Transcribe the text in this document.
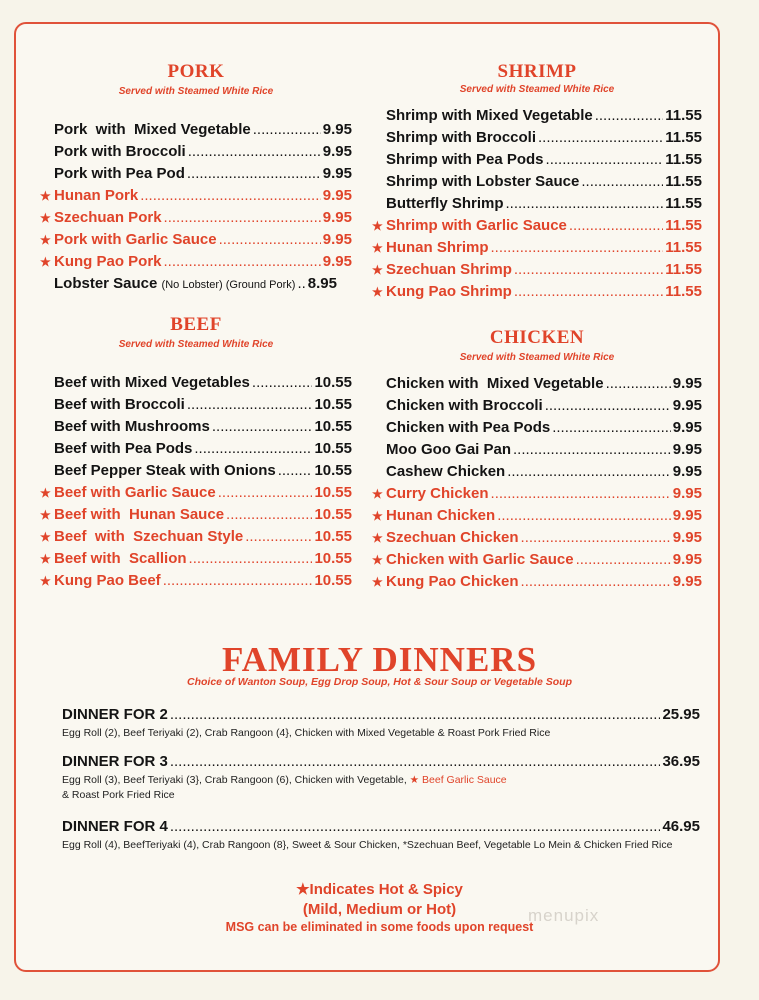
PORK
Served with Steamed White Rice
Pork  with  Mixed Vegetable .....	9.95
Pork with Broccoli .....	9.95
Pork with Pea Pod .....	9.95
★ Hunan Pork .....	9.95
★ Szechuan Pork .....	9.95
★ Pork with Garlic Sauce .....	9.95
★ Kung Pao Pork .....	9.95
Lobster Sauce
(No Lobster) (Ground Pork) .. 8.95
BEEF
Served with Steamed White Rice
Beef with Mixed Vegetables .....	10.55
Beef with Broccoli .....	10.55
Beef with Mushrooms .....	10.55
Beef with Pea Pods .....	10.55
Beef Pepper Steak with Onions .....	10.55
★ Beef with Garlic Sauce .....	10.55
★ Beef with  Hunan Sauce .....	10.55
★ Beef  with  Szechuan Style .....	10.55
★ Beef with  Scallion .....	10.55
★ Kung Pao Beef .....	10.55
SHRIMP
Served with Steamed White Rice
Shrimp with Mixed Vegetable .....	11.55
Shrimp with Broccoli .....	11.55
Shrimp with Pea Pods .....	11.55
Shrimp with Lobster Sauce .....	11.55
Butterfly Shrimp .....	11.55
★ Shrimp with Garlic Sauce .....	11.55
★ Hunan Shrimp .....	11.55
★ Szechuan Shrimp .....	11.55
★ Kung Pao Shrimp .....	11.55
CHICKEN
Served with Steamed White Rice
Chicken with  Mixed Vegetable .....	9.95
Chicken with Broccoli .....	9.95
Chicken with Pea Pods .....	9.95
Moo Goo Gai Pan .....	9.95
Cashew Chicken .....	9.95
★ Curry Chicken .....	9.95
★ Hunan Chicken .....	9.95
★ Szechuan Chicken .....	9.95
★ Chicken with Garlic Sauce .....	9.95
★ Kung Pao Chicken .....	9.95
FAMILY DINNERS
Choice of Wanton Soup, Egg Drop Soup, Hot & Sour Soup or Vegetable Soup
DINNER FOR 2 .....	25.95
Egg Roll (2), Beef Teriyaki (2), Crab Rangoon (4}, Chicken with Mixed Vegetable & Roast Pork Fried Rice
DINNER FOR 3 .....	36.95
Egg Roll (3), Beef Teriyaki (3}, Crab Rangoon (6), Chicken with Vegetable, ★ Beef Garlic Sauce
& Roast Pork Fried Rice
DINNER FOR 4 .....	46.95
Egg Roll (4), BeefTeriyaki (4), Crab Rangoon (8}, Sweet & Sour Chicken, *Szechuan Beef, Vegetable Lo Mein & Chicken Fried Rice
★Indicates Hot & Spicy
(Mild, Medium or Hot)
MSG can be eliminated in some foods upon request
menupix
